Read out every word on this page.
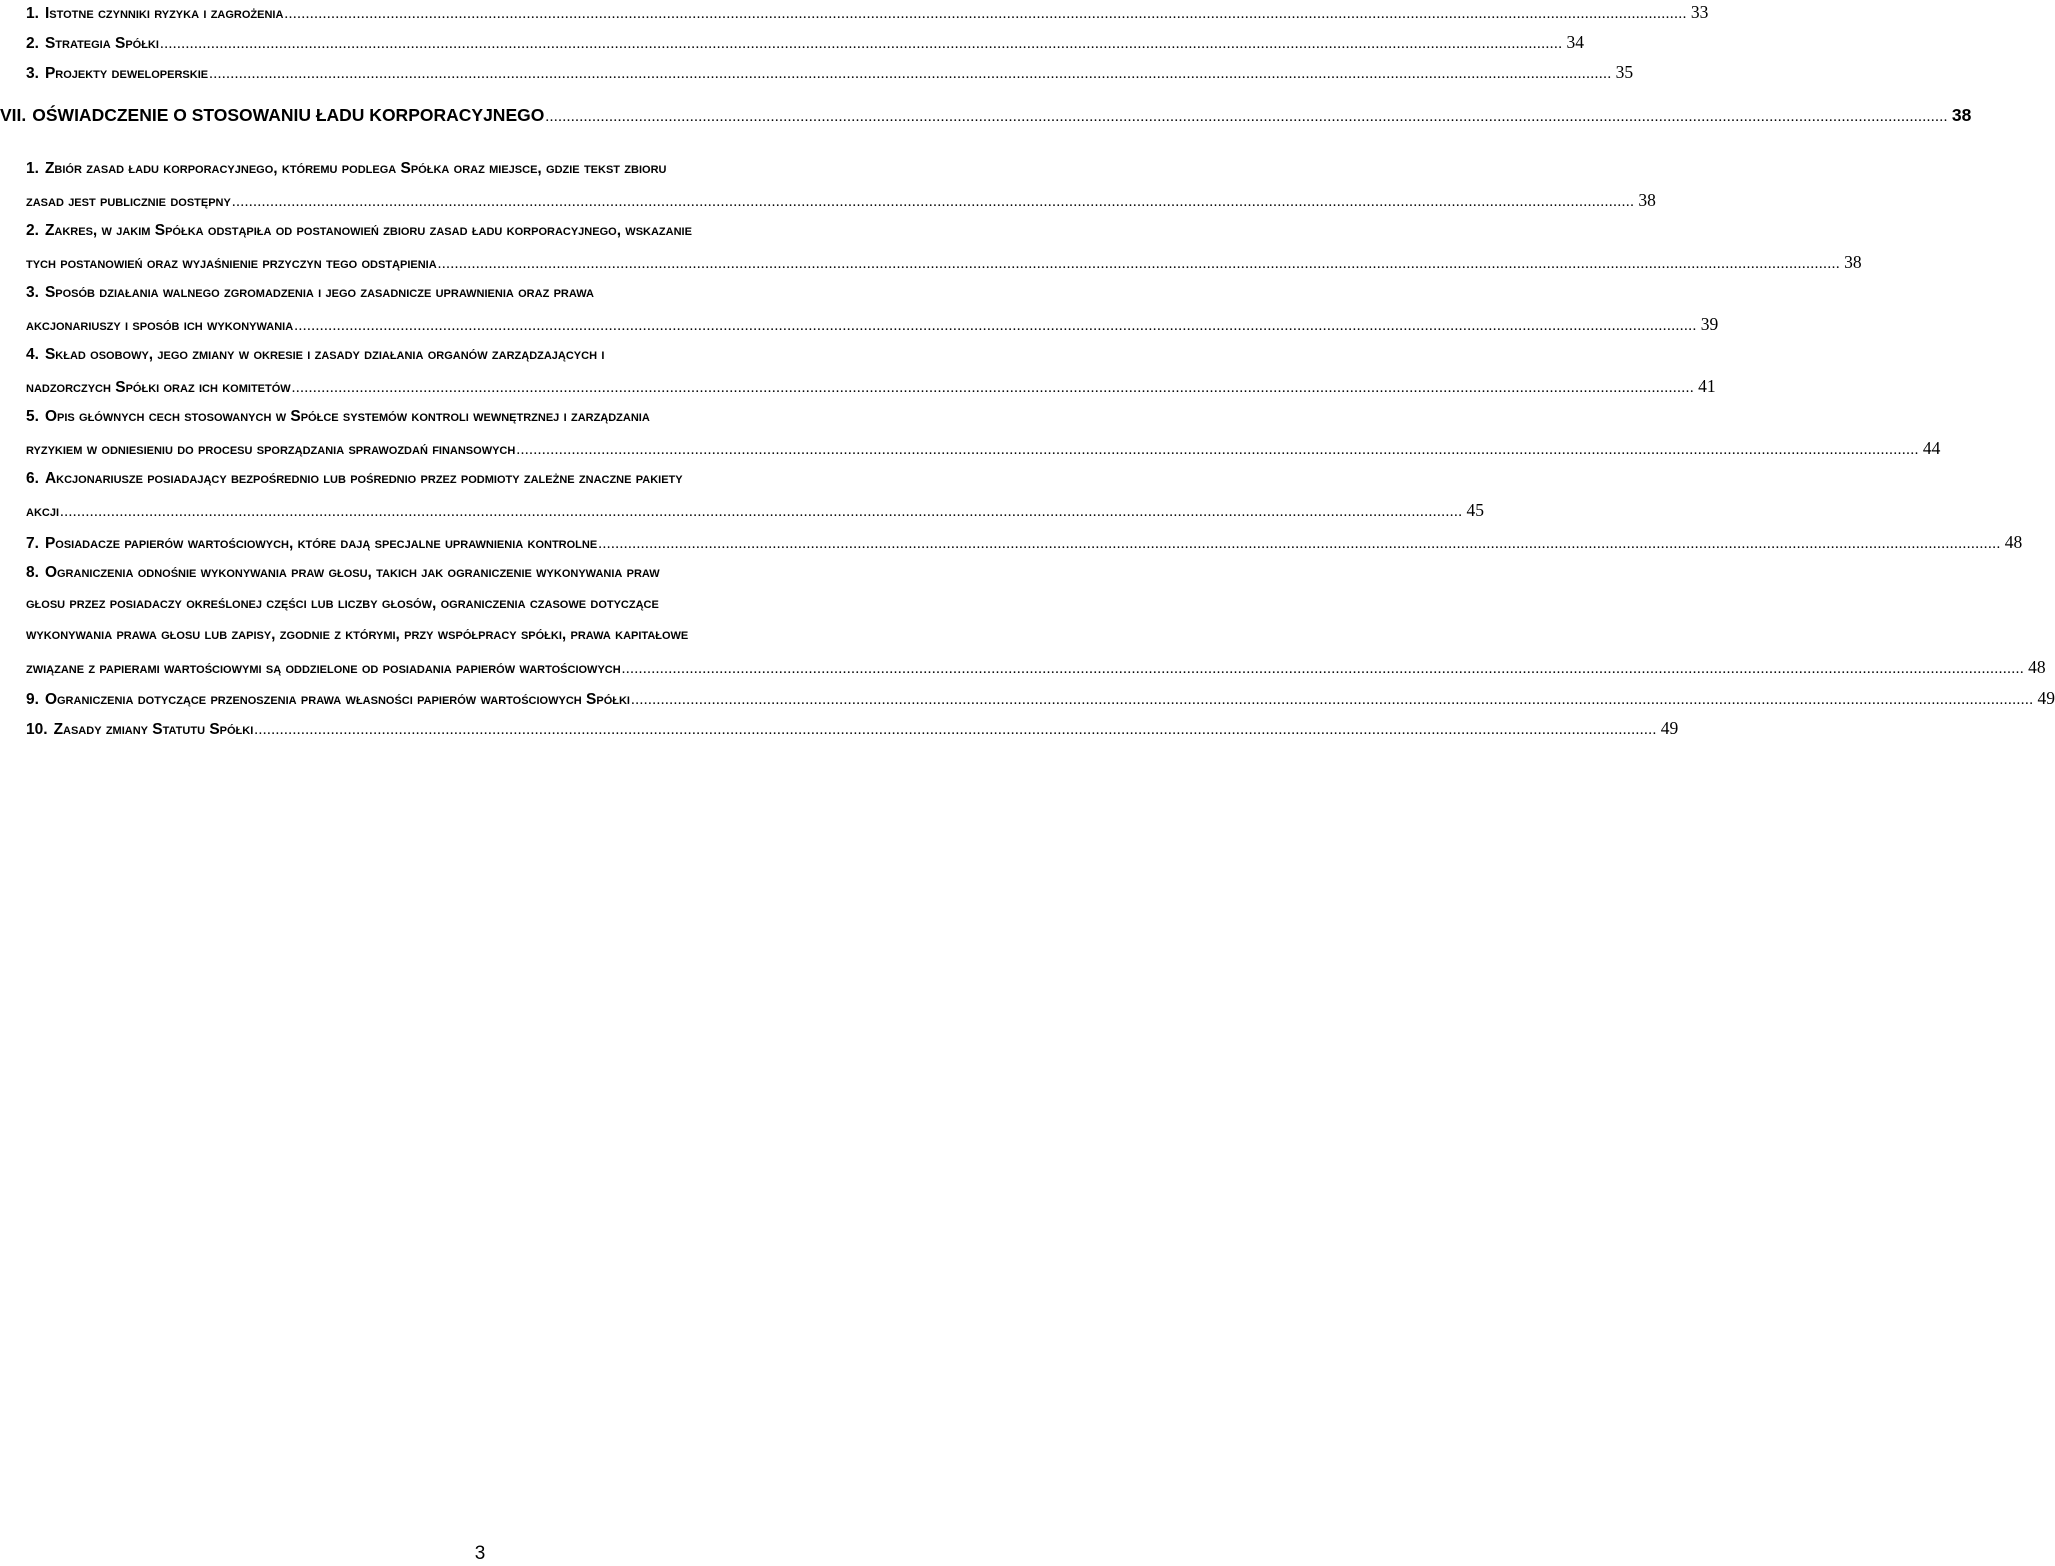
1. Istotne czynniki ryzyka i zagrożenia .....	33
2. Strategia Spółki .....	34
3. Projekty deweloperskie .....	35
VII. OŚWIADCZENIE O STOSOWANIU ŁADU KORPORACYJNEGO .....	38
1. Zbiór zasad ładu korporacyjnego, któremu podlega Spółka oraz miejsce, gdzie tekst zbioru
zasad jest publicznie dostępny .....	38
2. Zakres, w jakim Spółka odstąpiła od postanowień zbioru zasad ładu korporacyjnego, wskazanie
tych postanowień oraz wyjaśnienie przyczyn tego odstąpienia .....	38
3. Sposób działania walnego zgromadzenia i jego zasadnicze uprawnienia oraz prawa
akcjonariuszy i sposób ich wykonywania .....	39
4. Skład osobowy, jego zmiany w okresie i zasady działania organów zarządzających i
nadzorczych Spółki oraz ich komitetów .....	41
5. Opis głównych cech stosowanych w Spółce systemów kontroli wewnętrznej i zarządzania
ryzykiem w odniesieniu do procesu sporządzania sprawozdań finansowych .....	44
6. Akcjonariusze posiadający bezpośrednio lub pośrednio przez podmioty zależne znaczne pakiety
akcji .....	45
7. Posiadacze papierów wartościowych, które dają specjalne uprawnienia kontrolne .....	48
8. Ograniczenia odnośnie wykonywania praw głosu, takich jak ograniczenie wykonywania praw
głosu przez posiadaczy określonej części lub liczby głosów, ograniczenia czasowe dotyczące
wykonywania prawa głosu lub zapisy, zgodnie z którymi, przy współpracy spółki, prawa kapitałowe
związane z papierami wartościowymi są oddzielone od posiadania papierów wartościowych .....	48
9. Ograniczenia dotyczące przenoszenia prawa własności papierów wartościowych Spółki .....	49
10. Zasady zmiany Statutu Spółki .....	49
3
